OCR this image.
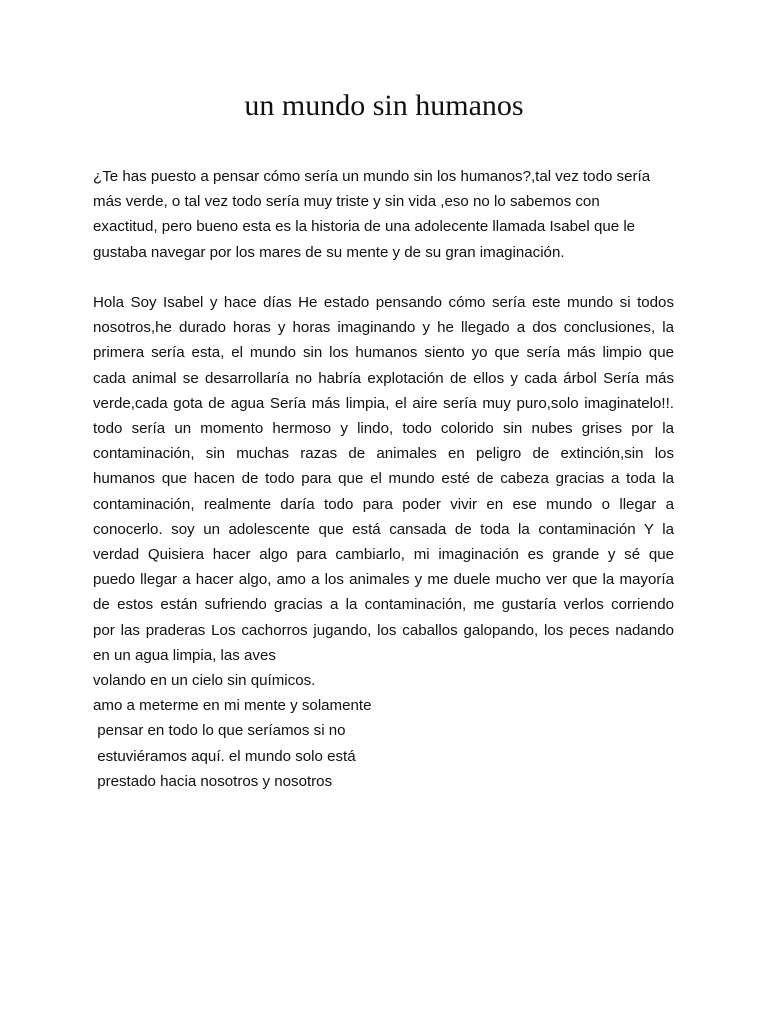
un mundo sin humanos
¿Te has puesto a pensar cómo sería un mundo sin los humanos?,tal vez todo sería
más verde, o tal vez todo sería muy triste y sin vida ,eso no lo sabemos con
exactitud, pero bueno esta es la historia de una adolecente llamada Isabel que le
gustaba navegar por los mares de su mente y de su gran imaginación.
Hola Soy Isabel y hace días He estado pensando cómo sería este mundo si todos
nosotros,he durado horas y horas imaginando y he llegado a dos conclusiones, la
primera sería esta, el mundo sin los humanos siento yo que sería más limpio que
cada animal se desarrollaría no habría explotación de ellos y cada árbol Sería más
verde,cada gota de agua Sería más limpia, el aire sería muy puro,solo imaginatelo!!.
todo sería un momento hermoso y lindo, todo colorido sin nubes grises por la
contaminación, sin muchas razas de animales en peligro de extinción,sin los
humanos que hacen de todo para que el mundo esté de cabeza gracias a toda la
contaminación, realmente daría todo para poder vivir en ese mundo o llegar a
conocerlo. soy un adolescente que está cansada de toda la contaminación Y la
verdad Quisiera hacer algo para cambiarlo, mi imaginación es grande y sé que
puedo llegar a hacer algo, amo a los animales y me duele mucho ver que la mayoría
de estos están sufriendo gracias a la contaminación, me gustaría verlos corriendo
por las praderas Los cachorros jugando, los caballos galopando, los peces nadando
en un agua limpia, las aves
volando en un cielo sin químicos.
amo a meterme en mi mente y solamente
pensar en todo lo que seríamos si no
estuviéramos aquí. el mundo solo está
prestado hacia nosotros y nosotros
